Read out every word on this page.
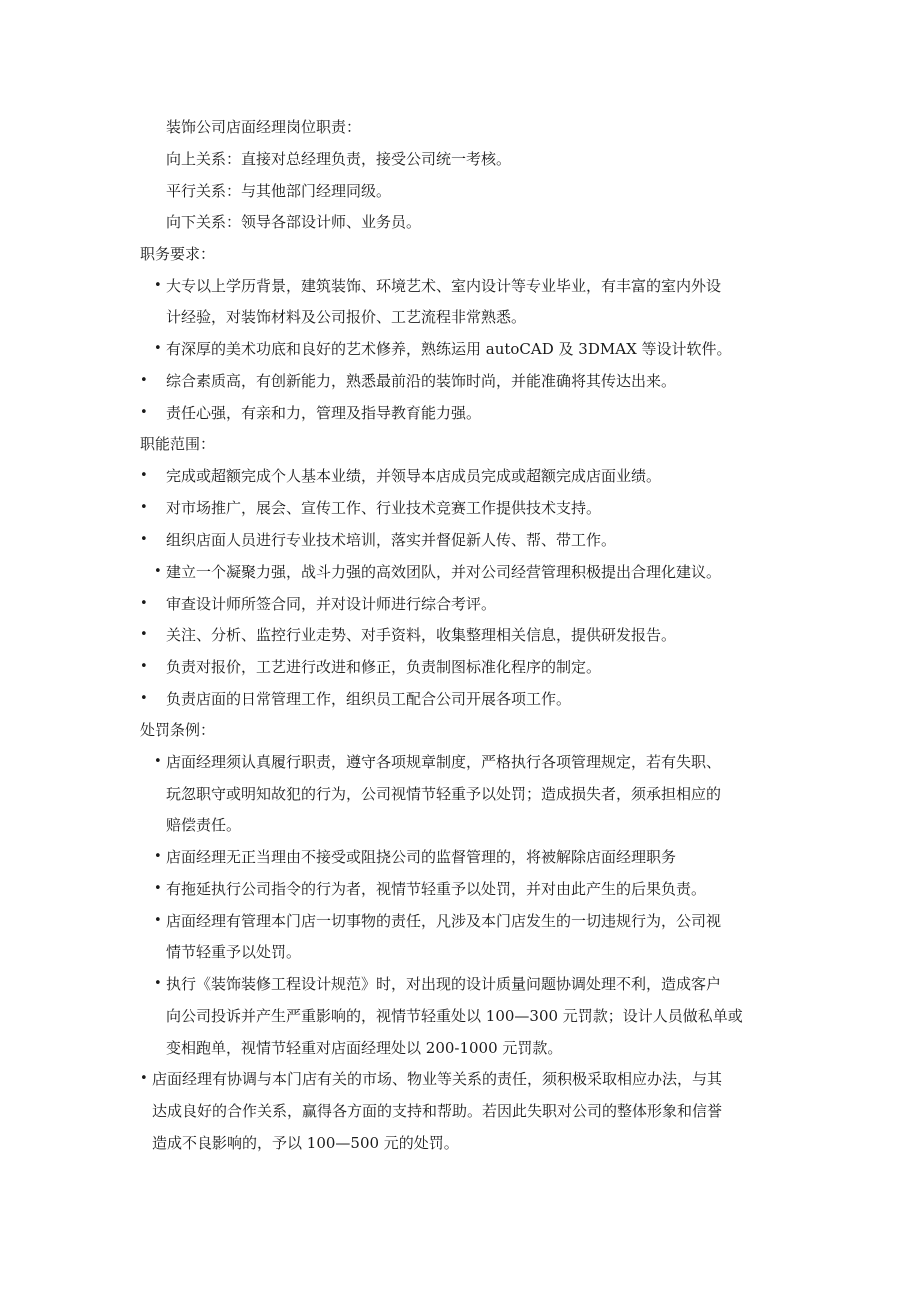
装饰公司店面经理岗位职责：
向上关系：直接对总经理负责，接受公司统一考核。
平行关系：与其他部门经理同级。
向下关系：领导各部设计师、业务员。
职务要求：
• 大专以上学历背景，建筑装饰、环境艺术、室内设计等专业毕业，有丰富的室内外设
计经验，对装饰材料及公司报价、工艺流程非常熟悉。
• 有深厚的美术功底和良好的艺术修养，熟练运用 autoCAD 及 3DMAX 等设计软件。
• 综合素质高，有创新能力，熟悉最前沿的装饰时尚，并能准确将其传达出来。
• 责任心强，有亲和力，管理及指导教育能力强。
职能范围：
• 完成或超额完成个人基本业绩，并领导本店成员完成或超额完成店面业绩。
• 对市场推广，展会、宣传工作、行业技术竞赛工作提供技术支持。
• 组织店面人员进行专业技术培训，落实并督促新人传、帮、带工作。
• 建立一个凝聚力强，战斗力强的高效团队，并对公司经营管理积极提出合理化建议。
• 审查设计师所签合同，并对设计师进行综合考评。
• 关注、分析、监控行业走势、对手资料，收集整理相关信息，提供研发报告。
• 负责对报价，工艺进行改进和修正，负责制图标准化程序的制定。
• 负责店面的日常管理工作，组织员工配合公司开展各项工作。
处罚条例：
• 店面经理须认真履行职责，遵守各项规章制度，严格执行各项管理规定，若有失职、
玩忽职守或明知故犯的行为，公司视情节轻重予以处罚；造成损失者，须承担相应的
赔偿责任。
• 店面经理无正当理由不接受或阻挠公司的监督管理的，将被解除店面经理职务
• 有拖延执行公司指令的行为者，视情节轻重予以处罚，并对由此产生的后果负责。
• 店面经理有管理本门店一切事物的责任，凡涉及本门店发生的一切违规行为，公司视
情节轻重予以处罚。
• 执行《装饰装修工程设计规范》时，对出现的设计质量问题协调处理不利，造成客户
向公司投诉并产生严重影响的，视情节轻重处以 100—300 元罚款；设计人员做私单或
变相跑单，视情节轻重对店面经理处以 200-1000 元罚款。
• 店面经理有协调与本门店有关的市场、物业等关系的责任，须积极采取相应办法，与其
达成良好的合作关系，赢得各方面的支持和帮助。若因此失职对公司的整体形象和信誉
造成不良影响的，予以 100—500 元的处罚。
